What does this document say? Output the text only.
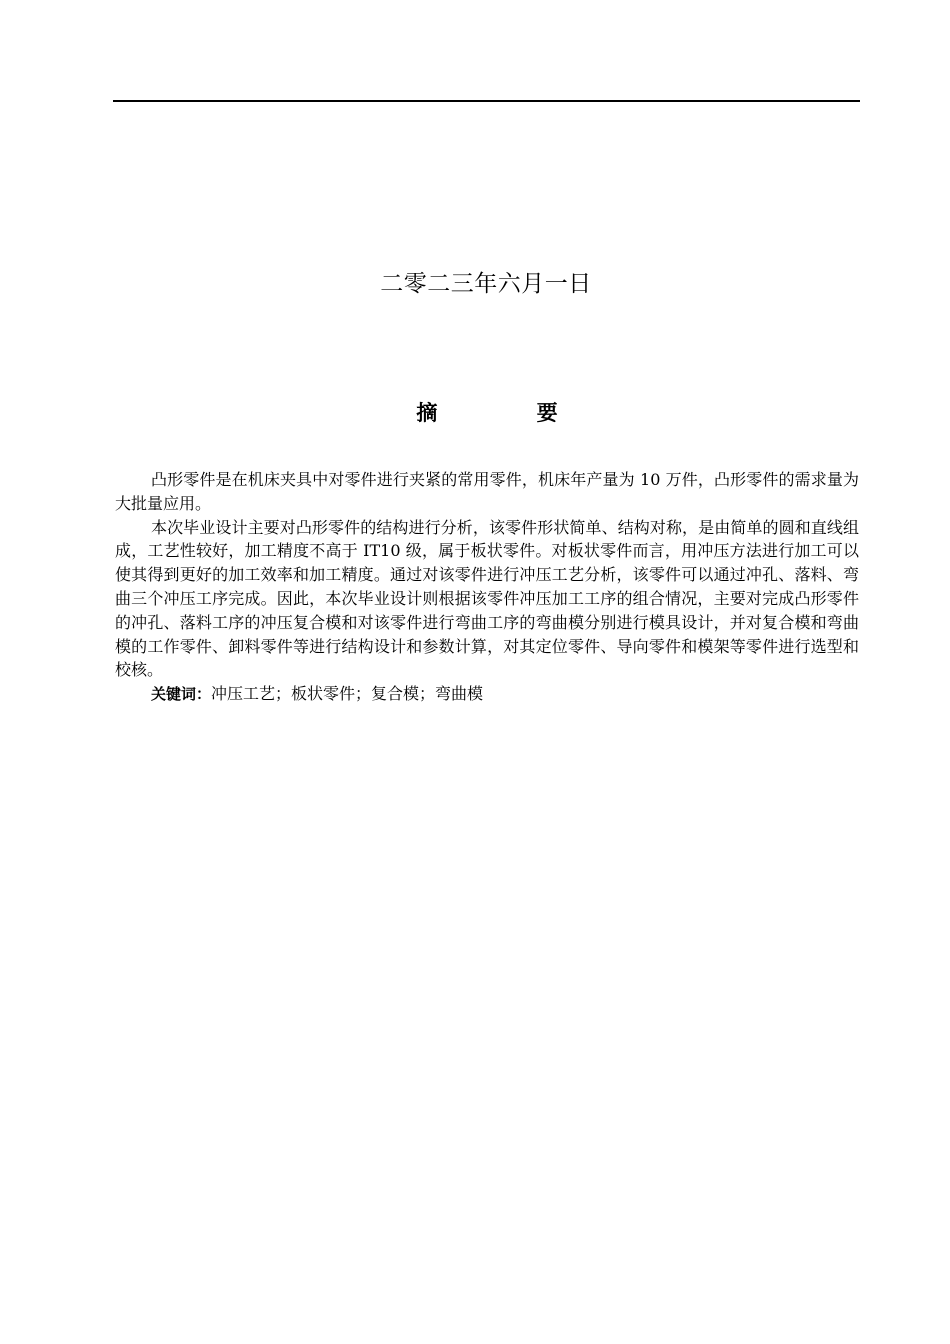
二零二三年六月一日
摘 要

凸形零件是在机床夹具中对零件进行夹紧的常用零件，机床年产量为 10 万件，凸形零件的需求量为大批量应用。

本次毕业设计主要对凸形零件的结构进行分析，该零件形状简单、结构对称，是由简单的圆和直线组成，工艺性较好，加工精度不高于 IT10 级，属于板状零件。对板状零件而言，用冲压方法进行加工可以使其得到更好的加工效率和加工精度。通过对该零件进行冲压工艺分析，该零件可以通过冲孔、落料、弯曲三个冲压工序完成。因此，本次毕业设计则根据该零件冲压加工工序的组合情况，主要对完成凸形零件的冲孔、落料工序的冲压复合模和对该零件进行弯曲工序的弯曲模分别进行模具设计，并对复合模和弯曲模的工作零件、卸料零件等进行结构设计和参数计算，对其定位零件、导向零件和模架等零件进行选型和校核。

关键词：冲压工艺；板状零件；复合模；弯曲模
